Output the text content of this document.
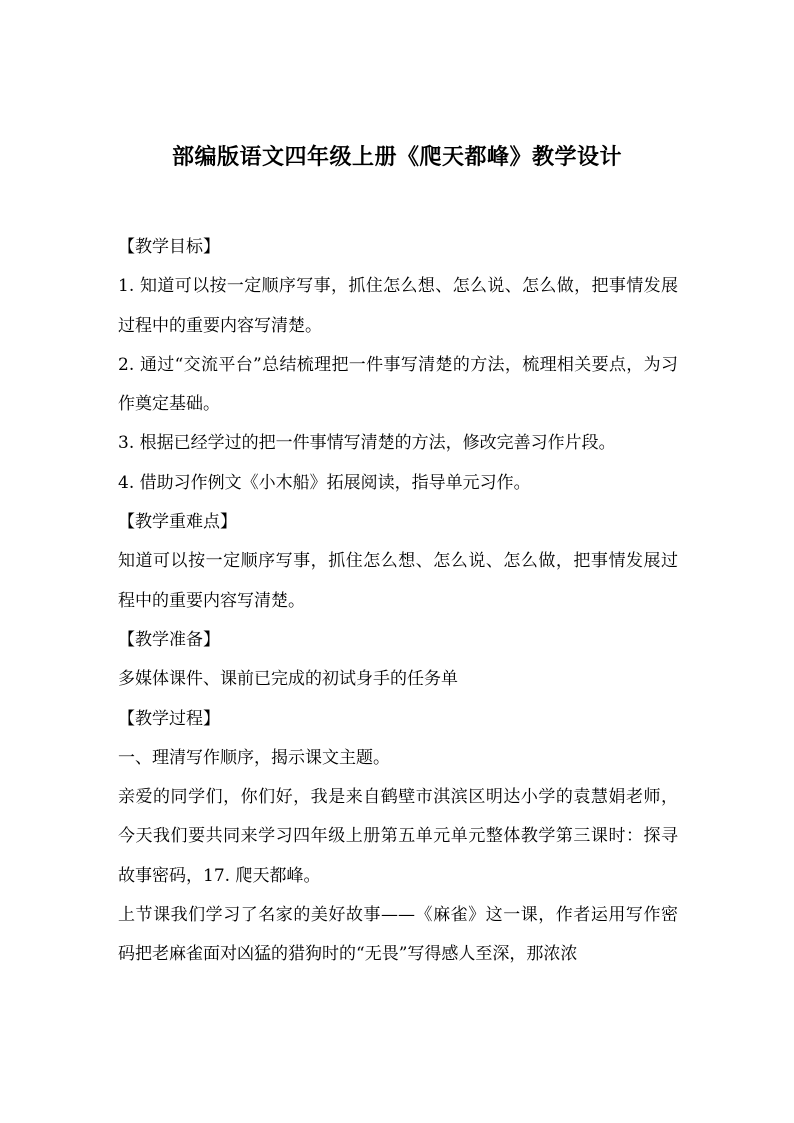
部编版语文四年级上册《爬天都峰》教学设计

【教学目标】

1. 知道可以按一定顺序写事，抓住怎么想、怎么说、怎么做，把事情发展过程中的重要内容写清楚。

2. 通过“交流平台”总结梳理把一件事写清楚的方法，梳理相关要点，为习作奠定基础。

3. 根据已经学过的把一件事情写清楚的方法，修改完善习作片段。

4. 借助习作例文《小木船》拓展阅读，指导单元习作。

【教学重难点】

知道可以按一定顺序写事，抓住怎么想、怎么说、怎么做，把事情发展过程中的重要内容写清楚。

【教学准备】

多媒体课件、课前已完成的初试身手的任务单

【教学过程】

一、理清写作顺序，揭示课文主题。

亲爱的同学们，你们好，我是来自鹤壁市淇滨区明达小学的袁慧娟老师，今天我们要共同来学习四年级上册第五单元单元整体教学第三课时：探寻故事密码，17. 爬天都峰。

上节课我们学习了名家的美好故事——《麻雀》这一课，作者运用写作密码把老麻雀面对凶猛的猎狗时的“无畏”写得感人至深，那浓浓
